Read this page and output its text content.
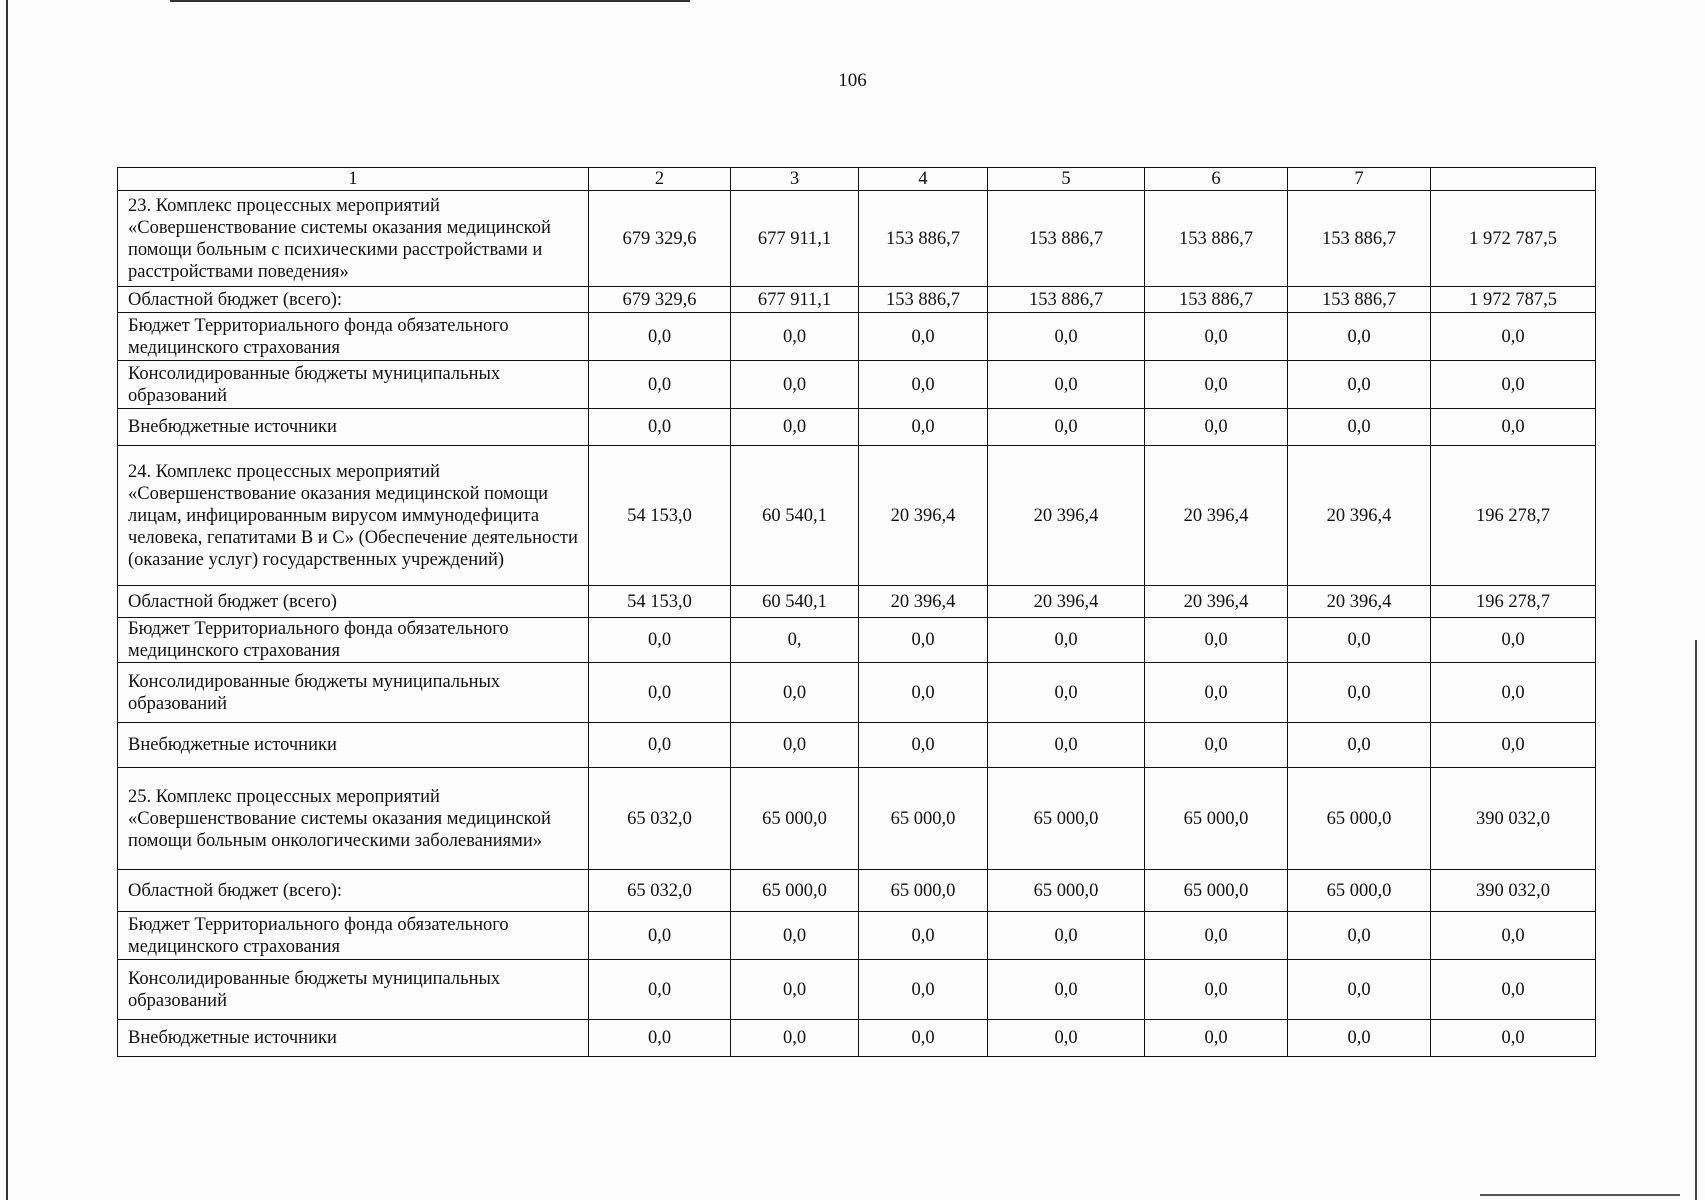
106
1	2	3	4	5	6	7	
23. Комплекс процессных мероприятий «Совершенствование системы оказания медицинской помощи больным с психическими расстройствами и расстройствами поведения»	679 329,6	677 911,1	153 886,7	153 886,7	153 886,7	153 886,7	1 972 787,5
Областной бюджет (всего):	679 329,6	677 911,1	153 886,7	153 886,7	153 886,7	153 886,7	1 972 787,5
Бюджет Территориального фонда обязательного медицинского страхования	0,0	0,0	0,0	0,0	0,0	0,0	0,0
Консолидированные бюджеты муниципальных образований	0,0	0,0	0,0	0,0	0,0	0,0	0,0
Внебюджетные источники	0,0	0,0	0,0	0,0	0,0	0,0	0,0
24. Комплекс процессных мероприятий «Совершенствование оказания медицинской помощи лицам, инфицированным вирусом иммунодефицита человека, гепатитами В и С» (Обеспечение деятельности (оказание услуг) государственных учреждений)	54 153,0	60 540,1	20 396,4	20 396,4	20 396,4	20 396,4	196 278,7
Областной бюджет (всего)	54 153,0	60 540,1	20 396,4	20 396,4	20 396,4	20 396,4	196 278,7
Бюджет Территориального фонда обязательного медицинского страхования	0,0	0,	0,0	0,0	0,0	0,0	0,0
Консолидированные бюджеты муниципальных образований	0,0	0,0	0,0	0,0	0,0	0,0	0,0
Внебюджетные источники	0,0	0,0	0,0	0,0	0,0	0,0	0,0
25. Комплекс процессных мероприятий «Совершенствование системы оказания медицинской помощи больным онкологическими заболеваниями»	65 032,0	65 000,0	65 000,0	65 000,0	65 000,0	65 000,0	390 032,0
Областной бюджет (всего):	65 032,0	65 000,0	65 000,0	65 000,0	65 000,0	65 000,0	390 032,0
Бюджет Территориального фонда обязательного медицинского страхования	0,0	0,0	0,0	0,0	0,0	0,0	0,0
Консолидированные бюджеты муниципальных образований	0,0	0,0	0,0	0,0	0,0	0,0	0,0
Внебюджетные источники	0,0	0,0	0,0	0,0	0,0	0,0	0,0
